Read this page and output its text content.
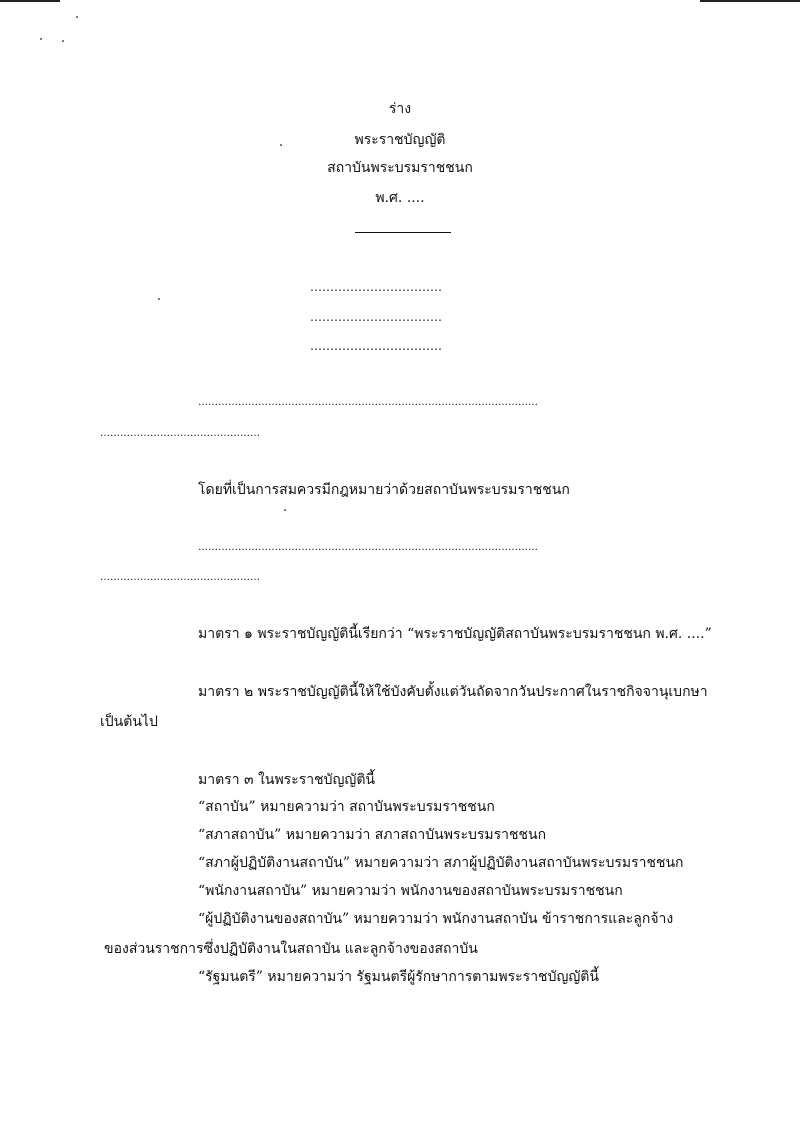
ร่าง
พระราชบัญญัติ
สถาบันพระบรมราชชนก
พ.ศ. ....
……………………………
……………………………
……………………………
…………………………………………………………………………………………
…………………………………………
โดยที่เป็นการสมควรมีกฎหมายว่าด้วยสถาบันพระบรมราชชนก
…………………………………………………………………………………………
…………………………………………
มาตรา ๑ พระราชบัญญัตินี้เรียกว่า “พระราชบัญญัติสถาบันพระบรมราชชนก พ.ศ. ....”
มาตรา ๒ พระราชบัญญัตินี้ให้ใช้บังคับตั้งแต่วันถัดจากวันประกาศในราชกิจจานุเบกษา
เป็นต้นไป
มาตรา ๓ ในพระราชบัญญัตินี้
“สถาบัน” หมายความว่า สถาบันพระบรมราชชนก
“สภาสถาบัน” หมายความว่า สภาสถาบันพระบรมราชชนก
“สภาผู้ปฏิบัติงานสถาบัน” หมายความว่า สภาผู้ปฏิบัติงานสถาบันพระบรมราชชนก
“พนักงานสถาบัน” หมายความว่า พนักงานของสถาบันพระบรมราชชนก
“ผู้ปฏิบัติงานของสถาบัน” หมายความว่า พนักงานสถาบัน ข้าราชการและลูกจ้าง
ของส่วนราชการซึ่งปฏิบัติงานในสถาบัน และลูกจ้างของสถาบัน
“รัฐมนตรี” หมายความว่า รัฐมนตรีผู้รักษาการตามพระราชบัญญัตินี้
